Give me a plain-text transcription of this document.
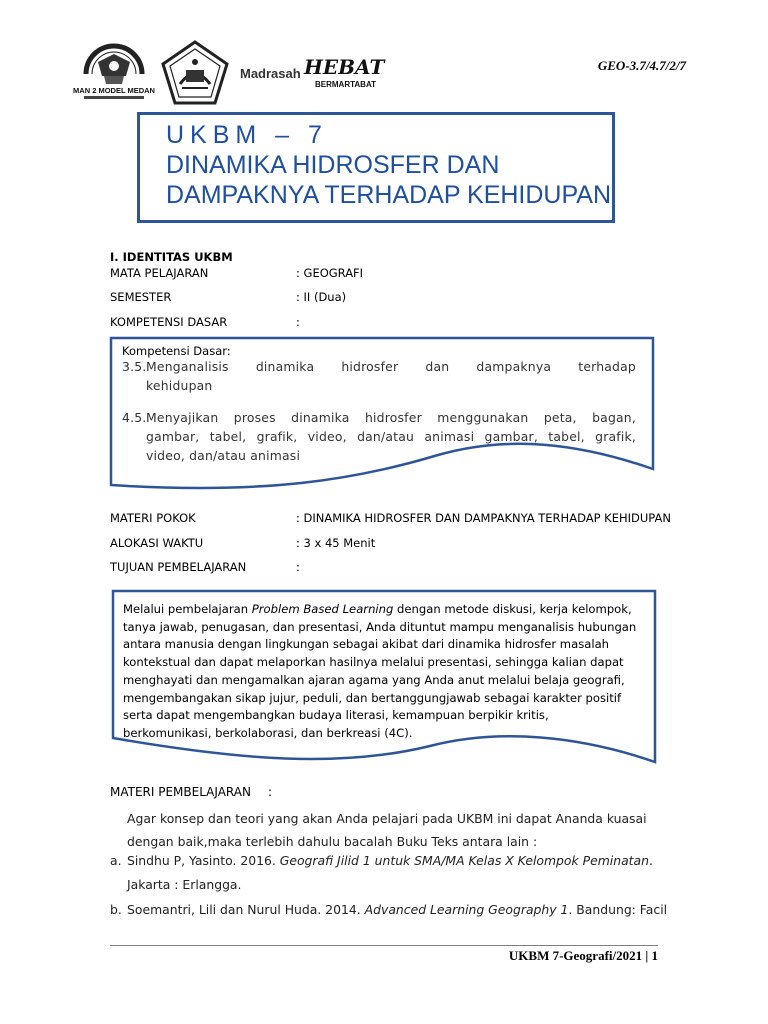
MAN 2 MODEL MEDAN
Madrasah HEBAT
BERMARTABAT
GEO-3.7/4.7/2/7
UKBM – 7
DINAMIKA HIDROSFER DAN
DAMPAKNYA TERHADAP KEHIDUPAN
I. IDENTITAS UKBM
MATA PELAJARAN	: GEOGRAFI
SEMESTER	: II (Dua)
KOMPETENSI DASAR	:
Kompetensi Dasar:
3.5.Menganalisis dinamika hidrosfer dan dampaknya terhadap
kehidupan
4.5.Menyajikan proses dinamika hidrosfer menggunakan peta, bagan,
gambar, tabel, grafik, video, dan/atau animasi gambar, tabel, grafik,
video, dan/atau animasi
MATERI POKOK	: DINAMIKA HIDROSFER DAN DAMPAKNYA TERHADAP KEHIDUPAN
ALOKASI WAKTU	: 3 x 45 Menit
TUJUAN PEMBELAJARAN	:
Melalui pembelajaran Problem Based Learning dengan metode diskusi, kerja kelompok, tanya jawab, penugasan, dan presentasi, Anda dituntut mampu menganalisis hubungan antara manusia dengan lingkungan sebagai akibat dari dinamika hidrosfer masalah kontekstual dan dapat melaporkan hasilnya melalui presentasi, sehingga kalian dapat menghayati dan mengamalkan ajaran agama yang Anda anut melalui belaja geografi, mengembangakan sikap jujur, peduli, dan bertanggungjawab sebagai karakter positif serta dapat mengembangkan budaya literasi, kemampuan berpikir kritis, berkomunikasi, berkolaborasi, dan berkreasi (4C).
MATERI PEMBELAJARAN :
Agar konsep dan teori yang akan Anda pelajari pada UKBM ini dapat Ananda kuasai dengan baik,maka terlebih dahulu bacalah Buku Teks antara lain :
a. Sindhu P, Yasinto. 2016. Geografi Jilid 1 untuk SMA/MA Kelas X Kelompok Peminatan.
Jakarta : Erlangga.
b. Soemantri, Lili dan Nurul Huda. 2014. Advanced Learning Geography 1. Bandung: Facil
UKBM 7-Geografi/2021 | 1
